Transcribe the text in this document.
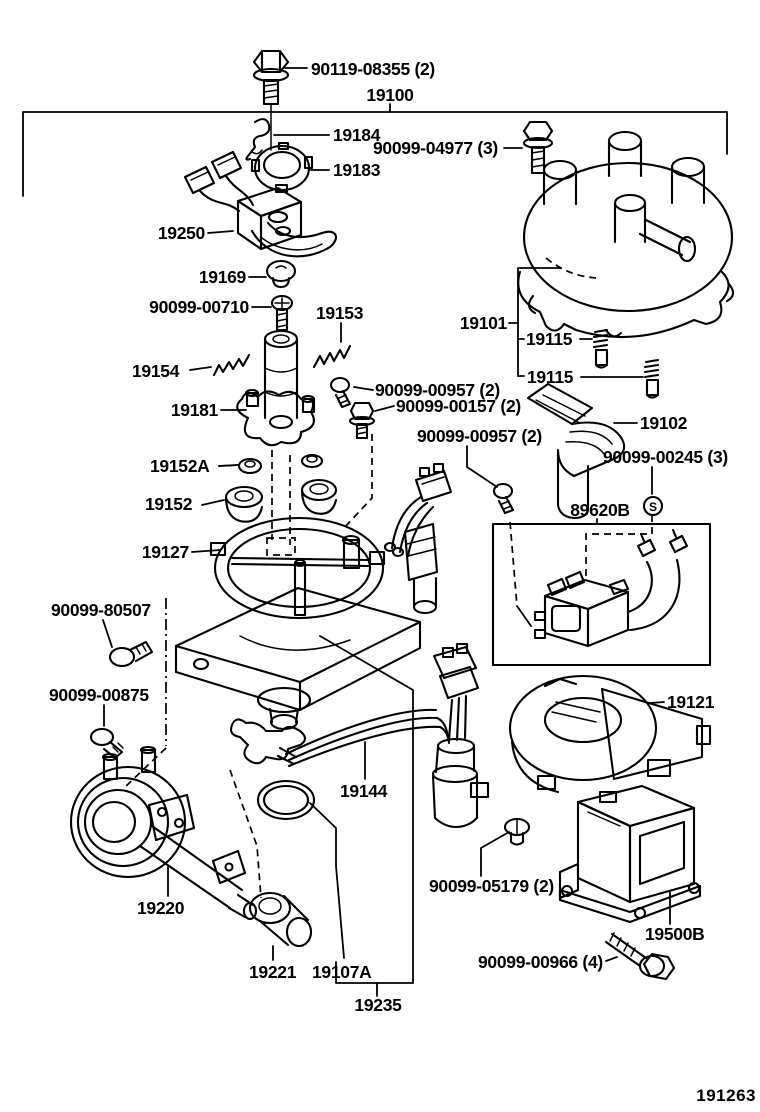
S
90119-08355 (2)
19100
19184
90099-04977 (3)
19183
19250
19169
90099-00710	19153	19101
19115
19115
19154
90099-00957 (2)
90099-00157 (2)
19181
19102
90099-00957 (2)
90099-00245 (3)
89620B
19152A
19152
19127
90099-80507
90099-00875	19121
19144
90099-05179 (2)
19500B
90099-00966 (4)
19220
19221 19107A
19235
191263
